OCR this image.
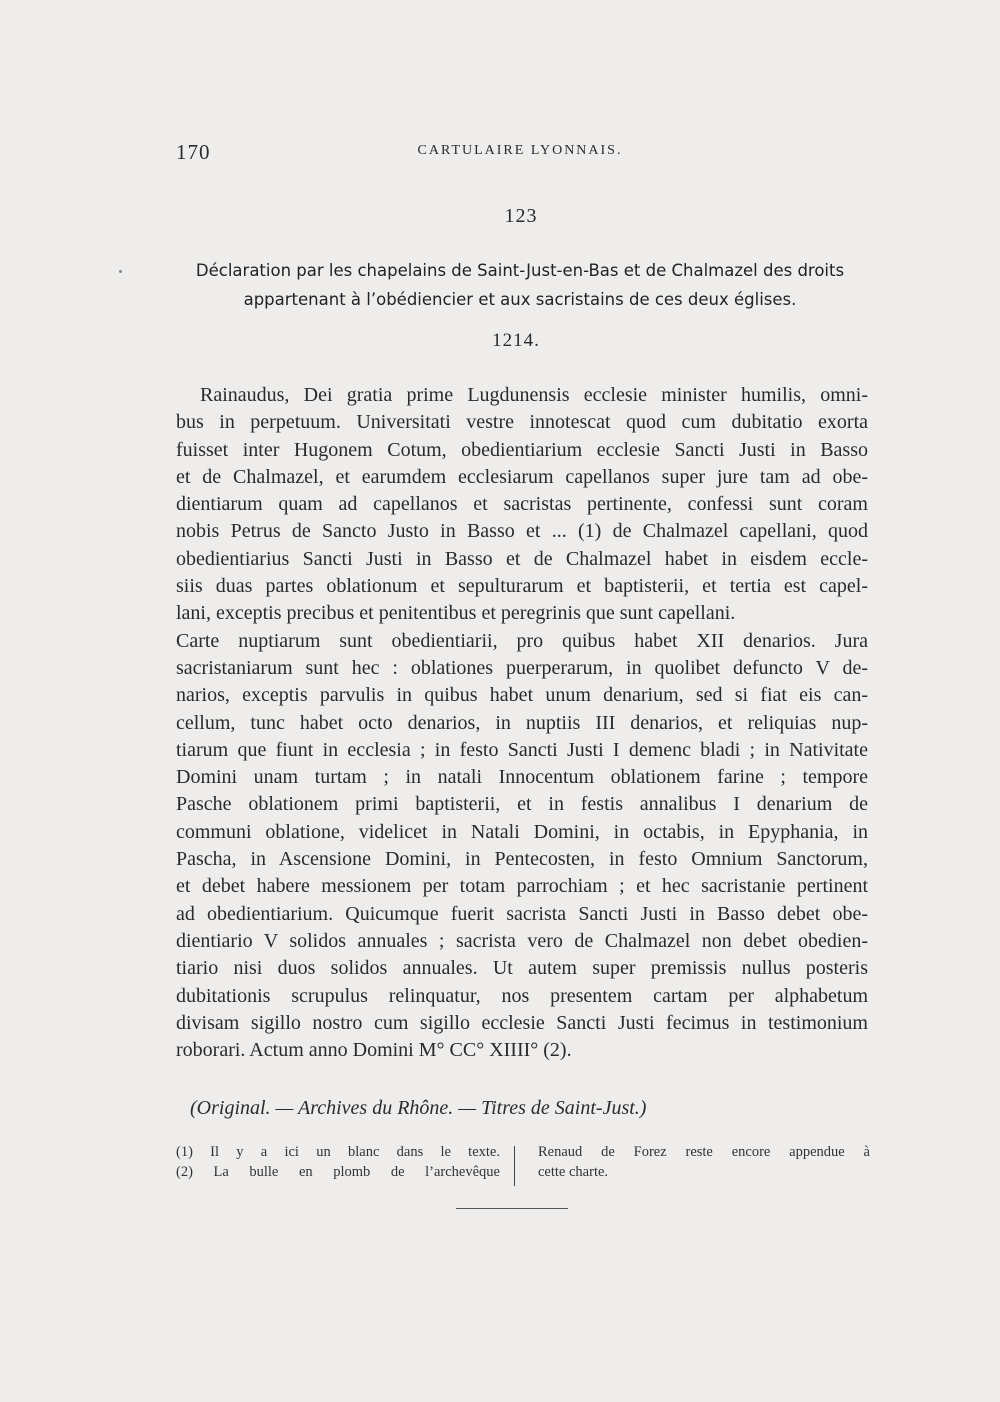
170	CARTULAIRE LYONNAIS.
123
Déclaration par les chapelains de Saint-Just-en-Bas et de Chalmazel des droits
appartenant à l’obédiencier et aux sacristains de ces deux églises.
1214.
Rainaudus, Dei gratia prime Lugdunensis ecclesie minister humilis, omni-
bus in perpetuum. Universitati vestre innotescat quod cum dubitatio exorta
fuisset inter Hugonem Cotum, obedientiarium ecclesie Sancti Justi in Basso
et de Chalmazel, et earumdem ecclesiarum capellanos super jure tam ad obe-
dientiarum quam ad capellanos et sacristas pertinente, confessi sunt coram
nobis Petrus de Sancto Justo in Basso et ... (1) de Chalmazel capellani, quod
obedientiarius Sancti Justi in Basso et de Chalmazel habet in eisdem eccle-
siis duas partes oblationum et sepulturarum et baptisterii, et tertia est capel-
lani, exceptis precibus et penitentibus et peregrinis que sunt capellani.
Carte nuptiarum sunt obedientiarii, pro quibus habet XII denarios. Jura
sacristaniarum sunt hec : oblationes puerperarum, in quolibet defuncto V de-
narios, exceptis parvulis in quibus habet unum denarium, sed si fiat eis can-
cellum, tunc habet octo denarios, in nuptiis III denarios, et reliquias nup-
tiarum que fiunt in ecclesia ; in festo Sancti Justi I demenc bladi ; in Nativitate
Domini unam turtam ; in natali Innocentum oblationem farine ; tempore
Pasche oblationem primi baptisterii, et in festis annalibus I denarium de
communi oblatione, videlicet in Natali Domini, in octabis, in Epyphania, in
Pascha, in Ascensione Domini, in Pentecosten, in festo Omnium Sanctorum,
et debet habere messionem per totam parrochiam ; et hec sacristanie pertinent
ad obedientiarium. Quicumque fuerit sacrista Sancti Justi in Basso debet obe-
dientiario V solidos annuales ; sacrista vero de Chalmazel non debet obedien-
tiario nisi duos solidos annuales. Ut autem super premissis nullus posteris
dubitationis scrupulus relinquatur, nos presentem cartam per alphabetum
divisam sigillo nostro cum sigillo ecclesie Sancti Justi fecimus in testimonium
roborari. Actum anno Domini M° CC° XIIII° (2).
(Original. — Archives du Rhône. — Titres de Saint-Just.)
(1) Il y a ici un blanc dans le texte.
(2) La bulle en plomb de l’archevêque
Renaud de Forez reste encore appendue à
cette charte.
